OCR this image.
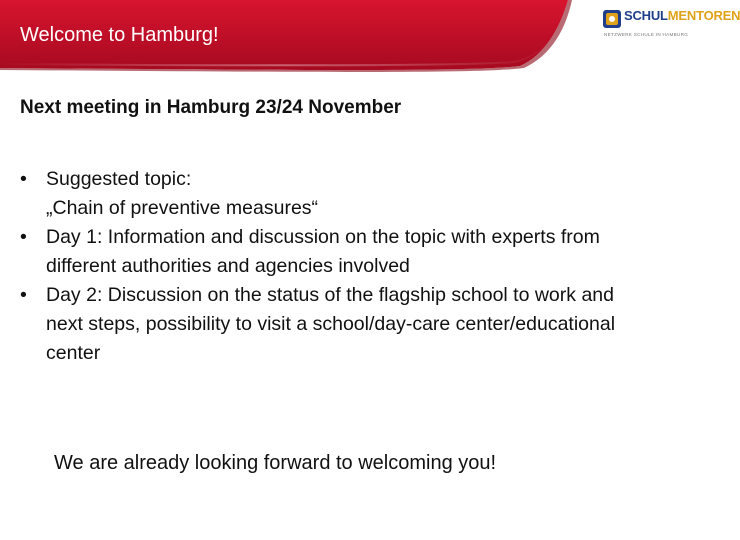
Welcome to Hamburg!
SCHULMENTOREN
NETZWERK SCHULE IN HAMBURG
Next meeting in Hamburg 23/24 November
• Suggested topic:
„Chain of preventive measures“
• Day 1: Information and discussion on the topic with experts from different authorities and agencies involved
• Day 2: Discussion on the status of the flagship school to work and next steps, possibility to visit a school/day-care center/educational center

We are already looking forward to welcoming you!
